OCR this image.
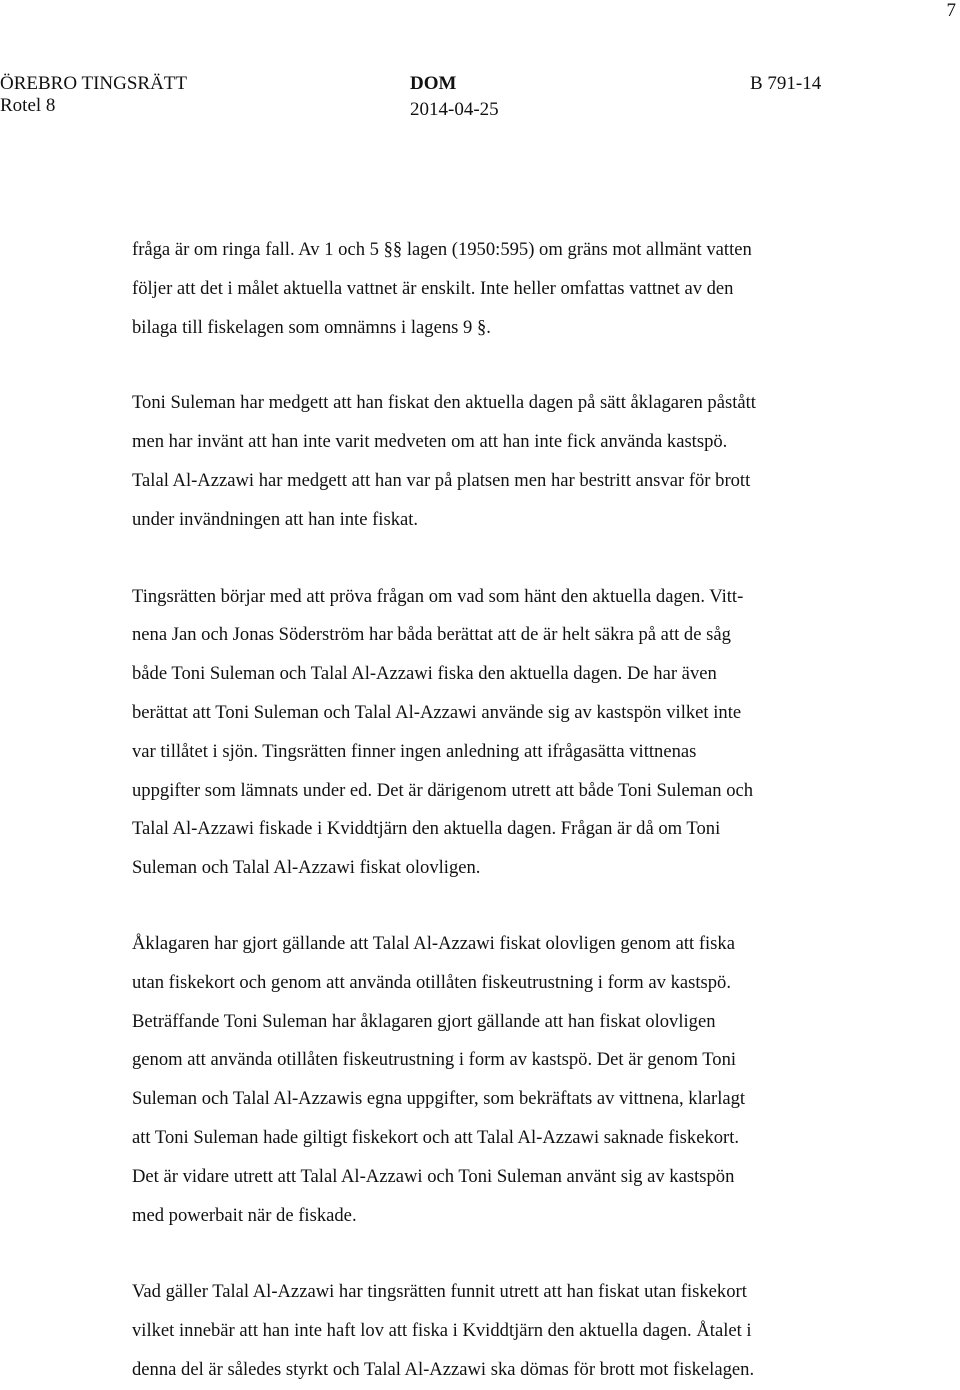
7
ÖREBRO TINGSRÄTT
Rotel 8
DOM
2014-04-25
B 791-14

fråga är om ringa fall. Av 1 och 5 §§ lagen (1950:595) om gräns mot allmänt vatten
följer att det i målet aktuella vattnet är enskilt. Inte heller omfattas vattnet av den
bilaga till fiskelagen som omnämns i lagens 9 §.

Toni Suleman har medgett att han fiskat den aktuella dagen på sätt åklagaren påstått
men har invänt att han inte varit medveten om att han inte fick använda kastspö.
Talal Al-Azzawi har medgett att han var på platsen men har bestritt ansvar för brott
under invändningen att han inte fiskat.

Tingsrätten börjar med att pröva frågan om vad som hänt den aktuella dagen. Vitt-
nena Jan och Jonas Söderström har båda berättat att de är helt säkra på att de såg
både Toni Suleman och Talal Al-Azzawi fiska den aktuella dagen. De har även
berättat att Toni Suleman och Talal Al-Azzawi använde sig av kastspön vilket inte
var tillåtet i sjön. Tingsrätten finner ingen anledning att ifrågasätta vittnenas
uppgifter som lämnats under ed. Det är därigenom utrett att både Toni Suleman och
Talal Al-Azzawi fiskade i Kviddtjärn den aktuella dagen. Frågan är då om Toni
Suleman och Talal Al-Azzawi fiskat olovligen.

Åklagaren har gjort gällande att Talal Al-Azzawi fiskat olovligen genom att fiska
utan fiskekort och genom att använda otillåten fiskeutrustning i form av kastspö.
Beträffande Toni Suleman har åklagaren gjort gällande att han fiskat olovligen
genom att använda otillåten fiskeutrustning i form av kastspö. Det är genom Toni
Suleman och Talal Al-Azzawis egna uppgifter, som bekräftats av vittnena, klarlagt
att Toni Suleman hade giltigt fiskekort och att Talal Al-Azzawi saknade fiskekort.
Det är vidare utrett att Talal Al-Azzawi och Toni Suleman använt sig av kastspön
med powerbait när de fiskade.

Vad gäller Talal Al-Azzawi har tingsrätten funnit utrett att han fiskat utan fiskekort
vilket innebär att han inte haft lov att fiska i Kviddtjärn den aktuella dagen. Åtalet i
denna del är således styrkt och Talal Al-Azzawi ska dömas för brott mot fiskelagen.
